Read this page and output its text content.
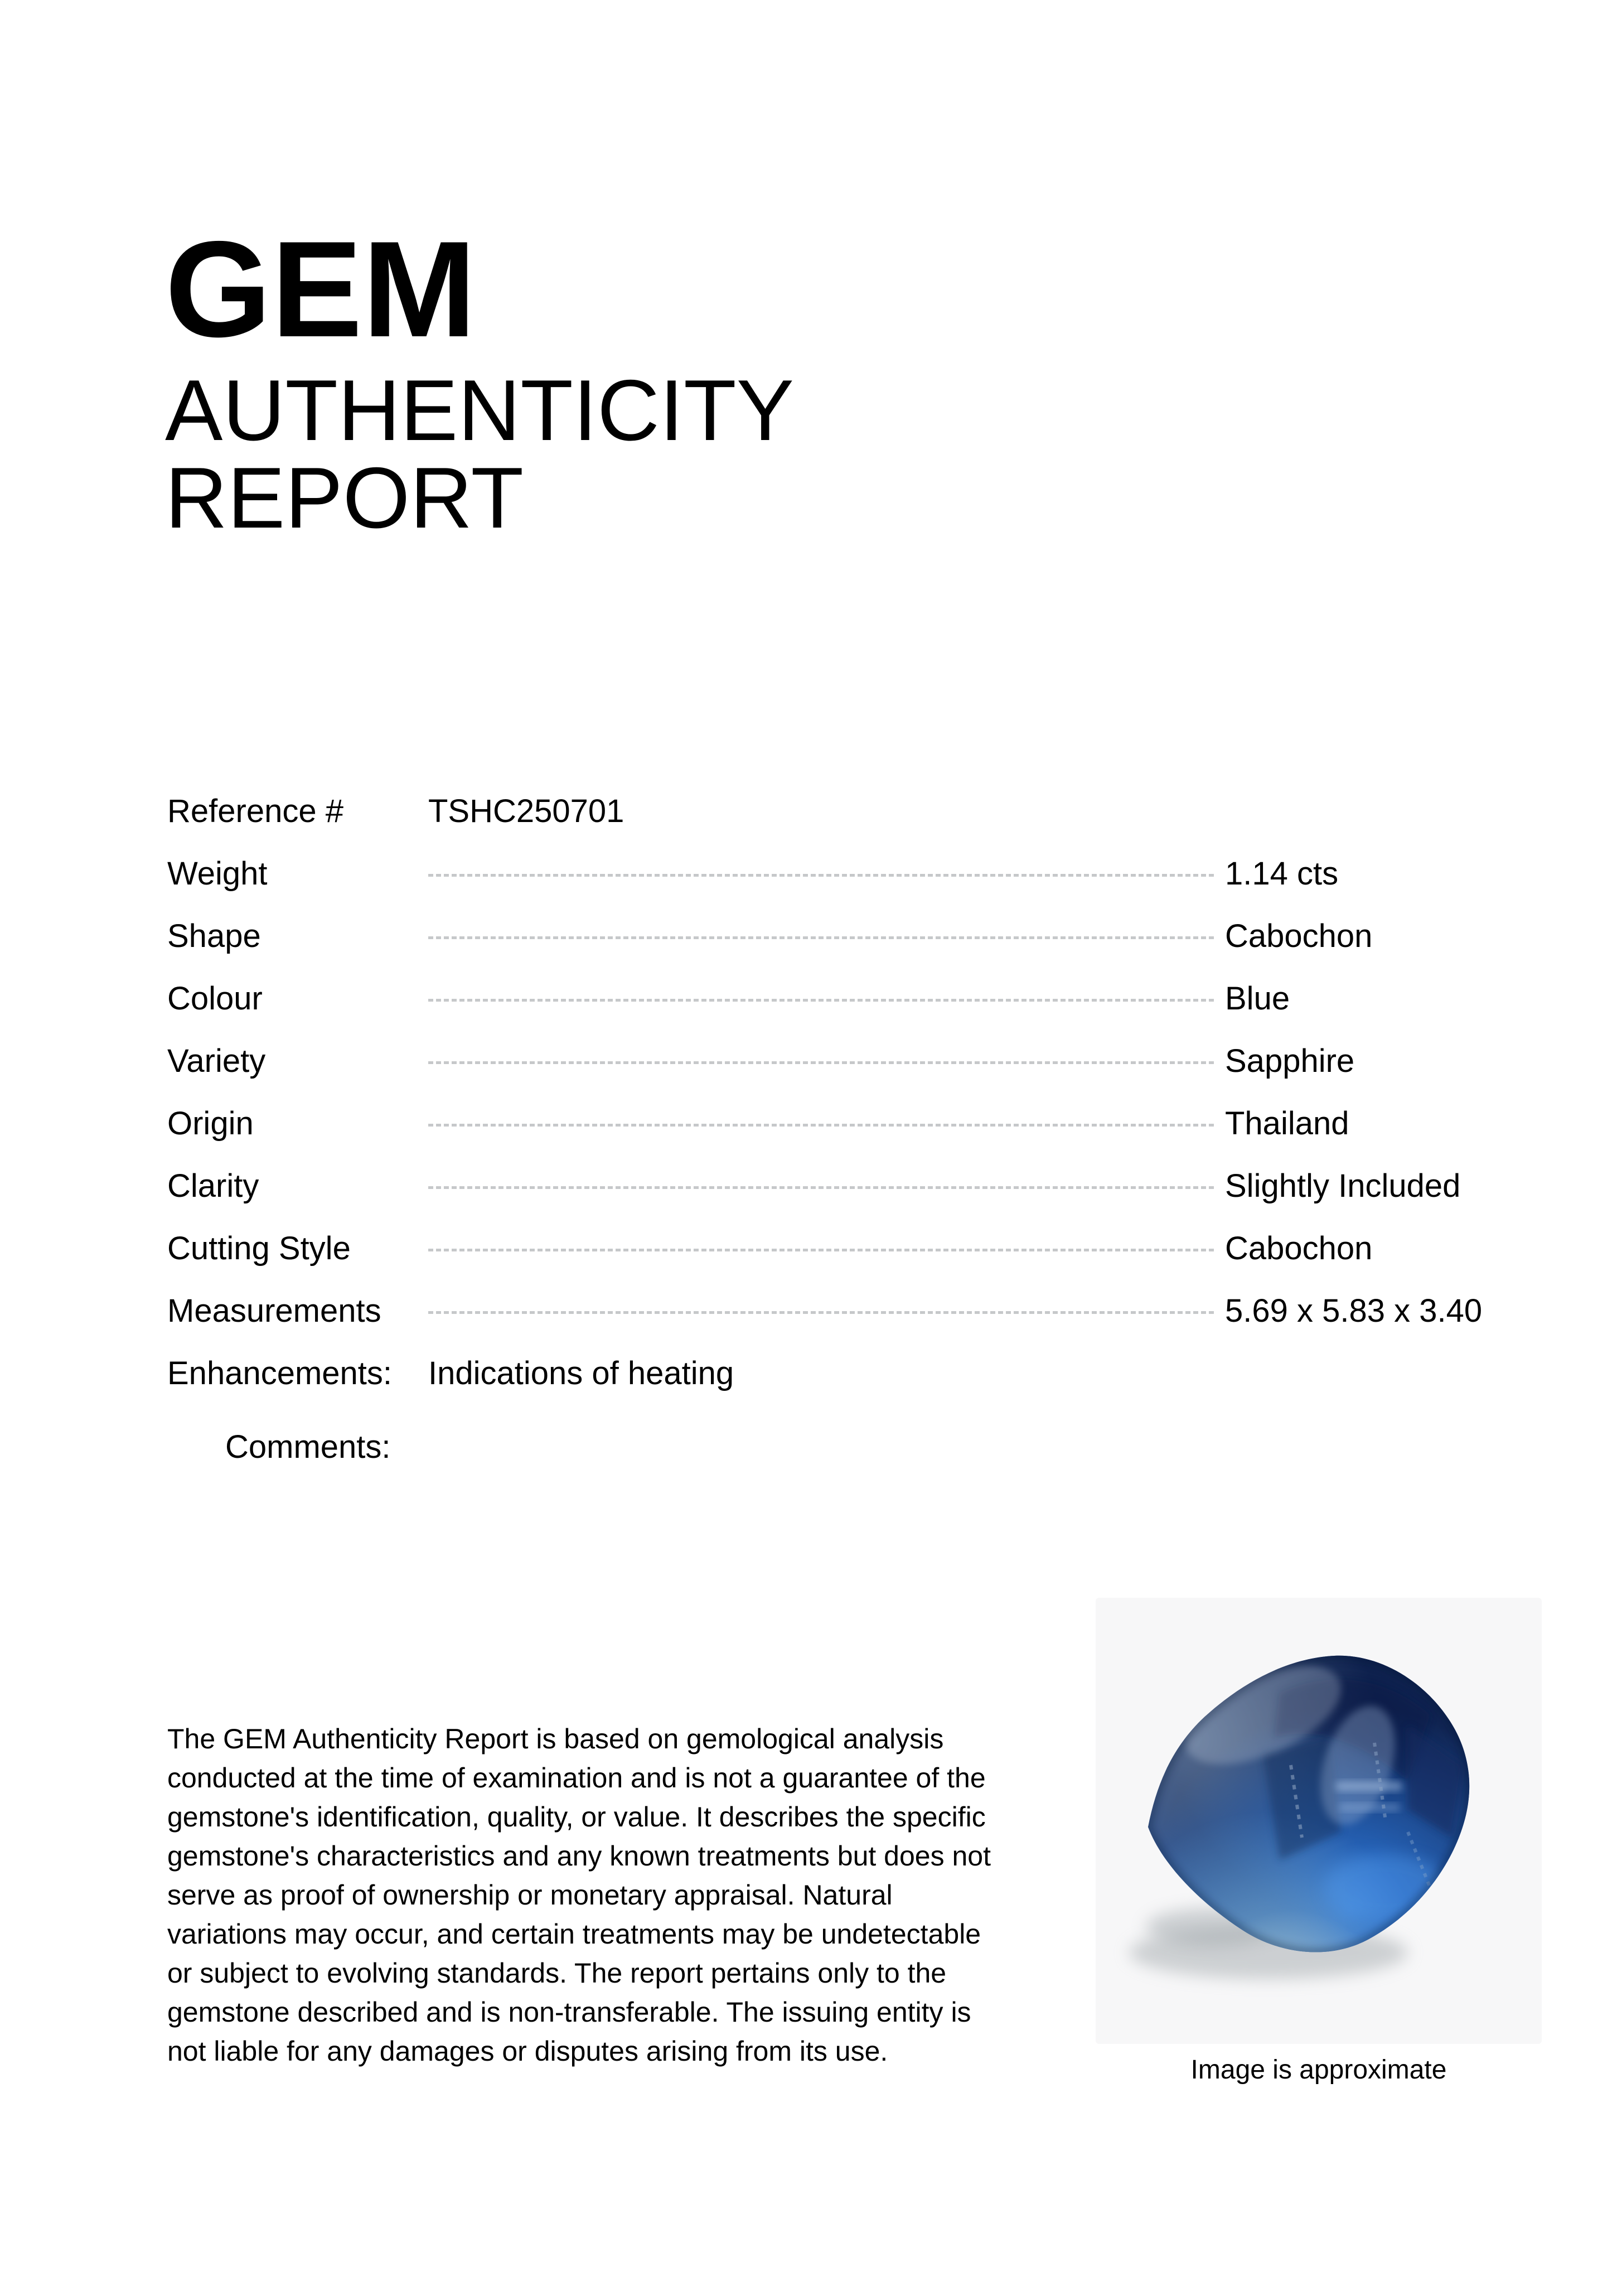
GEM
AUTHENTICITY REPORT
Reference #	TSHC250701
Weight	1.14 cts
Shape	Cabochon
Colour	Blue
Variety	Sapphire
Origin	Thailand
Clarity	Slightly Included
Cutting Style	Cabochon
Measurements	5.69 x 5.83 x 3.40
Enhancements: Indications of heating
Comments:
The GEM Authenticity Report is based on gemological analysis conducted at the time of examination and is not a guarantee of the gemstone's identification, quality, or value. It describes the specific gemstone's characteristics and any known treatments but does not serve as proof of ownership or monetary appraisal. Natural variations may occur, and certain treatments may be undetectable or subject to evolving standards. The report pertains only to the gemstone described and is non-transferable. The issuing entity is not liable for any damages or disputes arising from its use.
Image is approximate
